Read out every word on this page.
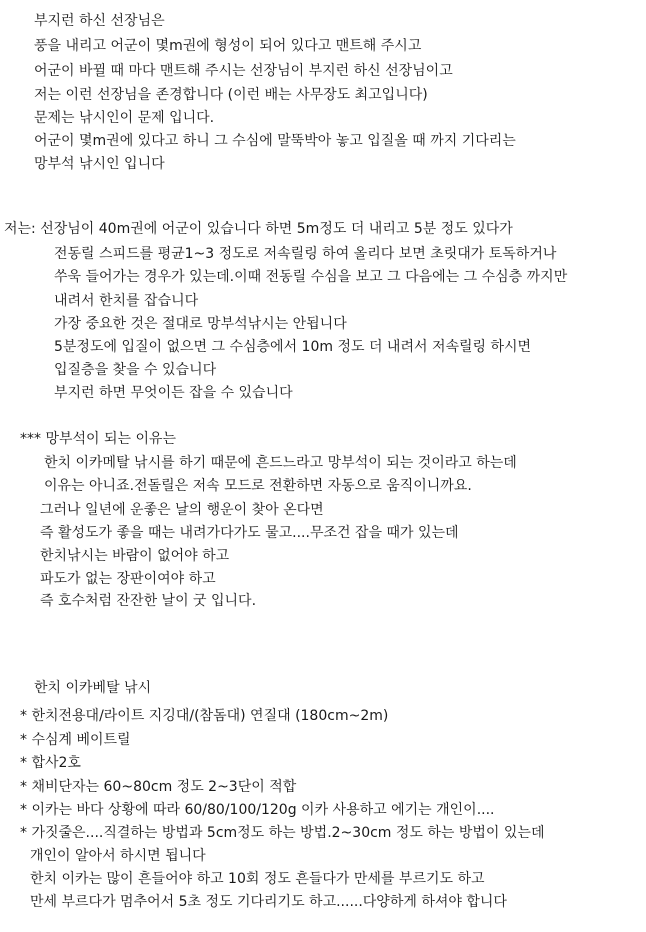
부지런 하신 선장님은
풍을 내리고 어군이 몇m권에 형성이 되어 있다고 맨트해 주시고
어군이 바뀔 때 마다 맨트해 주시는 선장님이 부지런 하신 선장님이고
저는 이런 선장님을 존경합니다 (이런 배는 사무장도 최고입니다)
문제는 낚시인이 문제 입니다.
어군이 몇m권에 있다고 하니 그 수심에 말뚝박아 놓고 입질올 때 까지 기다리는
망부석 낚시인 입니다
저는: 선장님이 40m권에 어군이 있습니다 하면 5m정도 더 내리고 5분 정도 있다가
전동릴 스피드를 평균1~3 정도로 저속릴링 하여 올리다 보면 초릿대가 토독하거나
쑤욱 들어가는 경우가 있는데.이때 전동릴 수심을 보고 그 다음에는 그 수심층 까지만
내려서 한치를 잡습니다
가장 중요한 것은 절대로 망부석낚시는 안됩니다
5분정도에 입질이 없으면 그 수심층에서 10m 정도 더 내려서 저속릴링 하시면
입질층을 찾을 수 있습니다
부지런 하면 무엇이든 잡을 수 있습니다
*** 망부석이 되는 이유는
한치 이카메탈 낚시를 하기 때문에 흔드느라고 망부석이 되는 것이라고 하는데
이유는 아니죠.전돌릴은 저속 모드로 전환하면 자동으로 움직이니까요.
그러나 일년에 운좋은 날의 행운이 찾아 온다면
즉 활성도가 좋을 때는 내려가다가도 물고....무조건 잡을 때가 있는데
한치낚시는 바람이 없어야 하고
파도가 없는 장판이여야 하고
즉 호수처럼 잔잔한 날이 굿 입니다.
한치 이카베탈 낚시
* 한치전용대/라이트 지깅대/(참돔대) 연질대 (180cm~2m)
* 수심계 베이트릴
* 합사2호
* 채비단자는 60~80cm 정도 2~3단이 적합
* 이카는 바다 상황에 따라 60/80/100/120g 이카 사용하고 에기는 개인이....
* 가짓줄은....직결하는 방법과 5cm정도 하는 방법.2~30cm 정도 하는 방법이 있는데
개인이 알아서 하시면 됩니다
한치 이카는 많이 흔들어야 하고 10회 정도 흔들다가 만세를 부르기도 하고
만세 부르다가 멈추어서 5초 정도 기다리기도 하고......다양하게 하셔야 합니다
